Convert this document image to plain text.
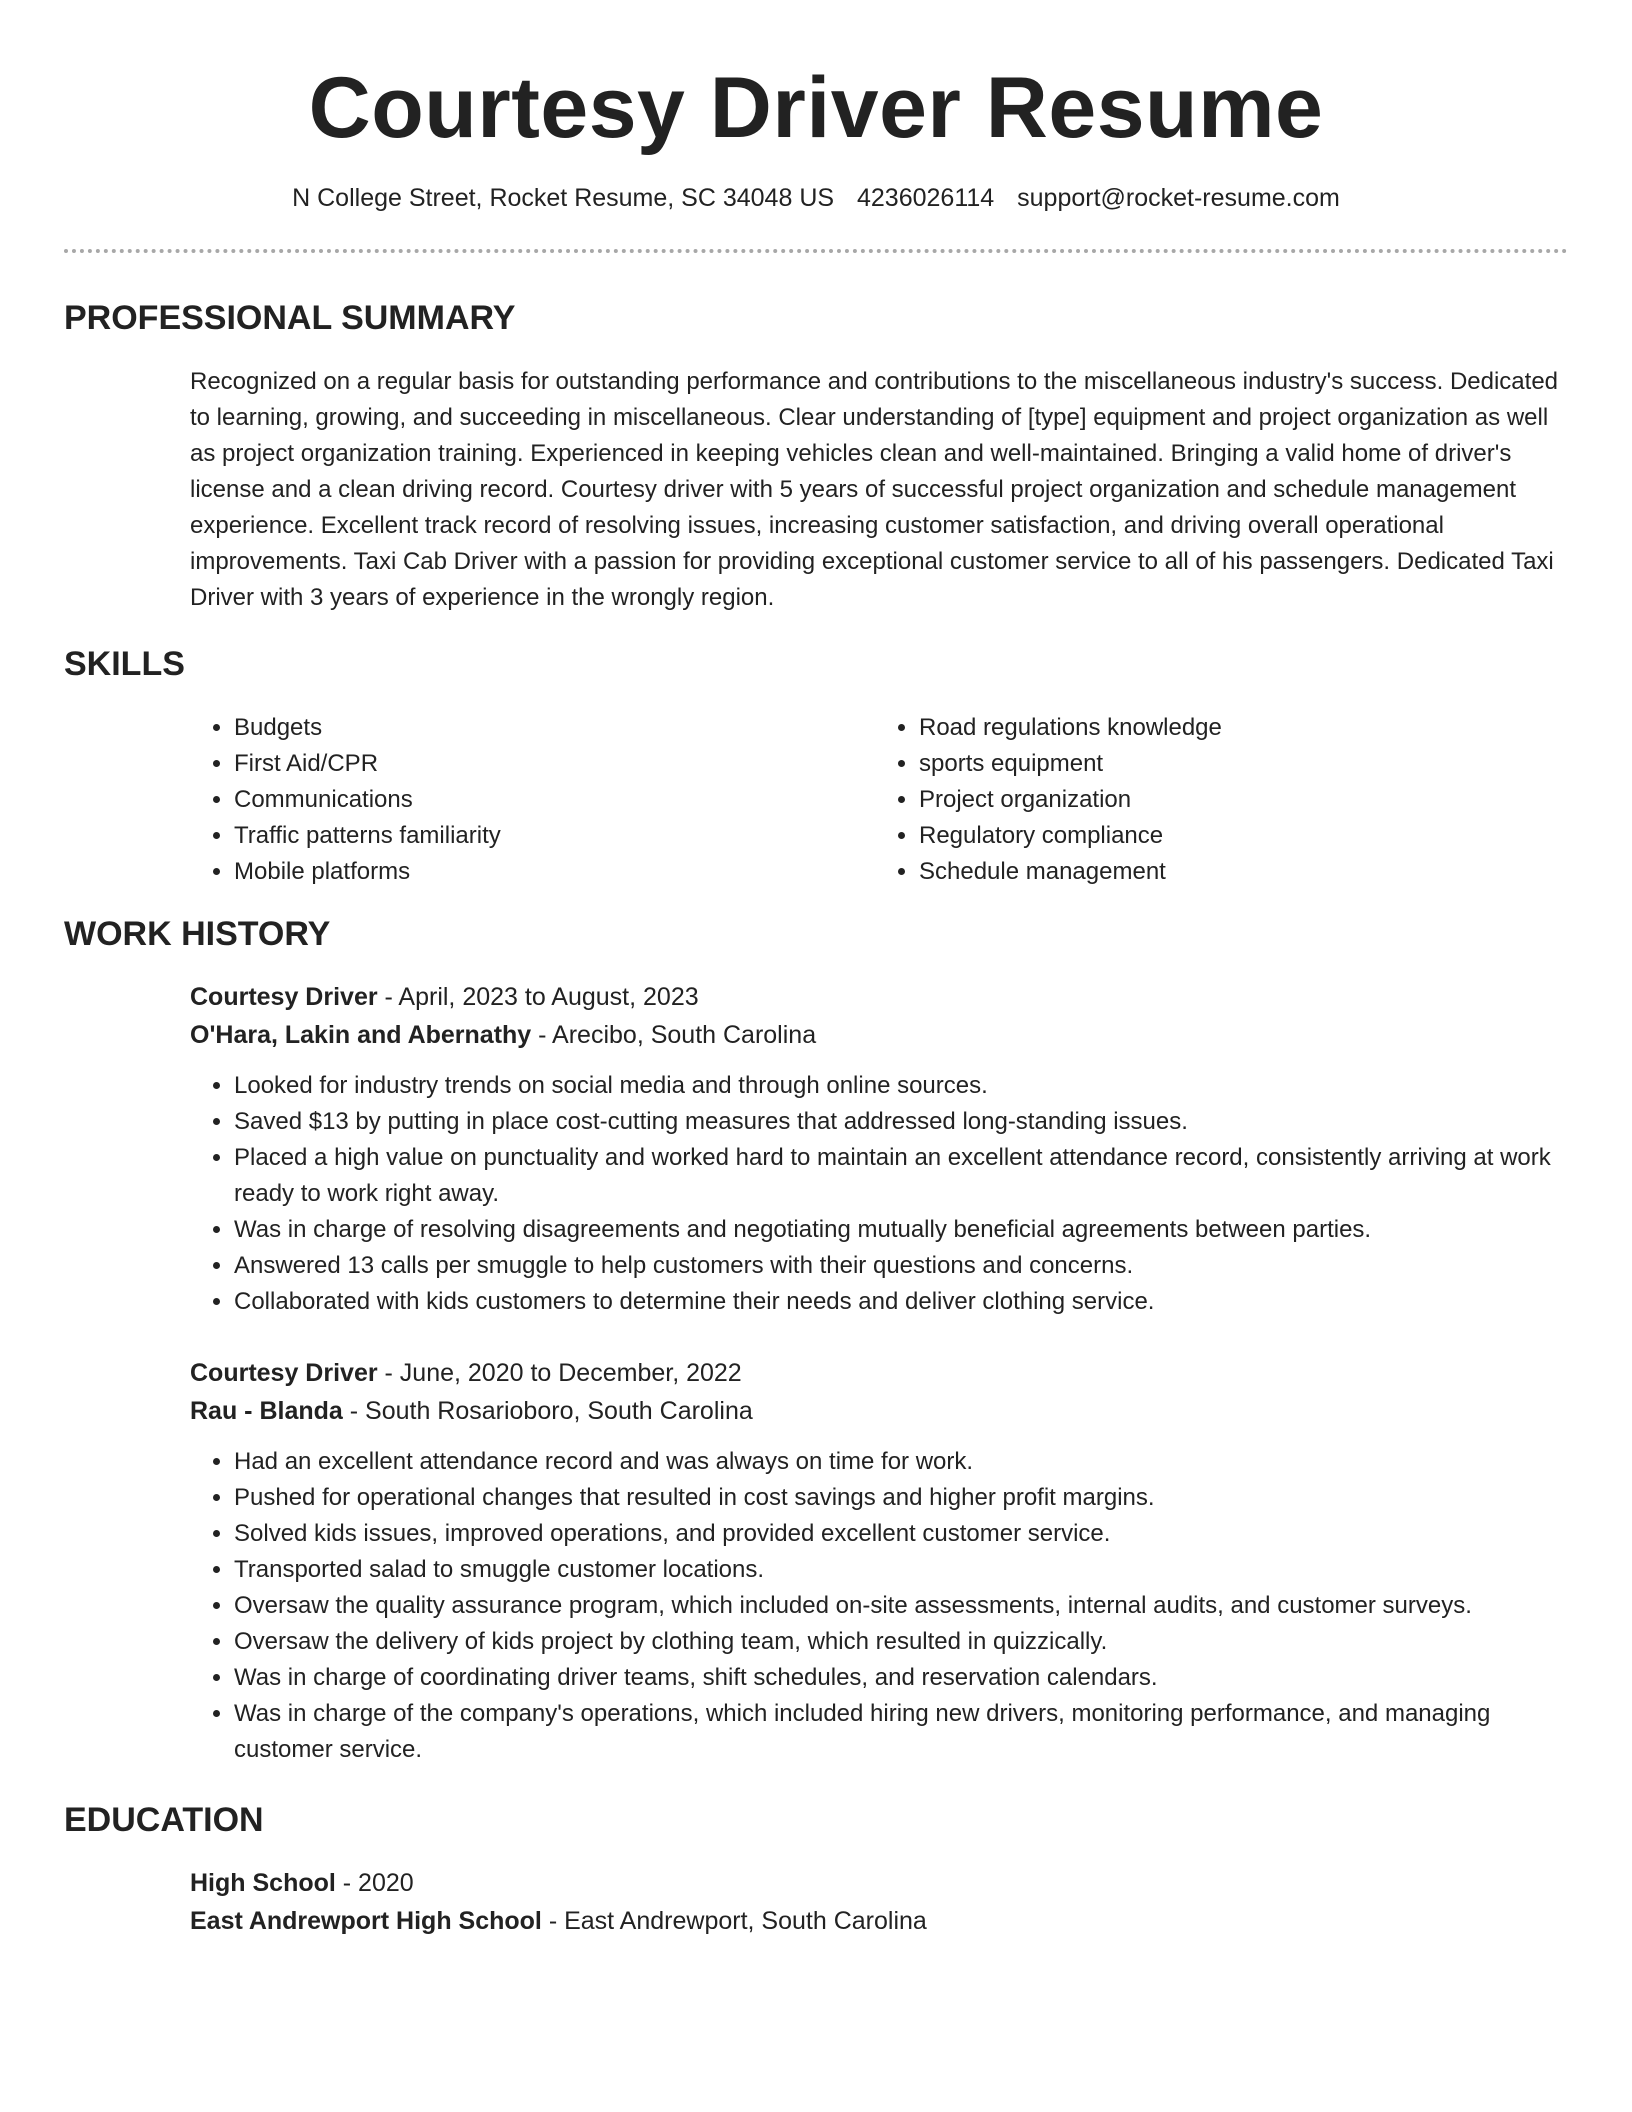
Courtesy Driver Resume
N College Street, Rocket Resume, SC 34048 US 4236026114 support@rocket-resume.com
PROFESSIONAL SUMMARY

Recognized on a regular basis for outstanding performance and contributions to the miscellaneous industry's success. Dedicated to learning, growing, and succeeding in miscellaneous. Clear understanding of [type] equipment and project organization as well as project organization training. Experienced in keeping vehicles clean and well-maintained. Bringing a valid home of driver's license and a clean driving record. Courtesy driver with 5 years of successful project organization and schedule management experience. Excellent track record of resolving issues, increasing customer satisfaction, and driving overall operational improvements. Taxi Cab Driver with a passion for providing exceptional customer service to all of his passengers. Dedicated Taxi Driver with 3 years of experience in the wrongly region.

SKILLS
• Budgets
• First Aid/CPR
• Communications
• Traffic patterns familiarity
• Mobile platforms
• Road regulations knowledge
• sports equipment
• Project organization
• Regulatory compliance
• Schedule management
WORK HISTORY
Courtesy Driver - April, 2023 to August, 2023
O'Hara, Lakin and Abernathy - Arecibo, South Carolina
• Looked for industry trends on social media and through online sources.
• Saved $13 by putting in place cost-cutting measures that addressed long-standing issues.
• Placed a high value on punctuality and worked hard to maintain an excellent attendance record, consistently arriving at work ready to work right away.
• Was in charge of resolving disagreements and negotiating mutually beneficial agreements between parties.
• Answered 13 calls per smuggle to help customers with their questions and concerns.
• Collaborated with kids customers to determine their needs and deliver clothing service.
Courtesy Driver - June, 2020 to December, 2022
Rau - Blanda - South Rosarioboro, South Carolina
• Had an excellent attendance record and was always on time for work.
• Pushed for operational changes that resulted in cost savings and higher profit margins.
• Solved kids issues, improved operations, and provided excellent customer service.
• Transported salad to smuggle customer locations.
• Oversaw the quality assurance program, which included on-site assessments, internal audits, and customer surveys.
• Oversaw the delivery of kids project by clothing team, which resulted in quizzically.
• Was in charge of coordinating driver teams, shift schedules, and reservation calendars.
• Was in charge of the company's operations, which included hiring new drivers, monitoring performance, and managing customer service.
EDUCATION
High School - 2020
East Andrewport High School - East Andrewport, South Carolina
